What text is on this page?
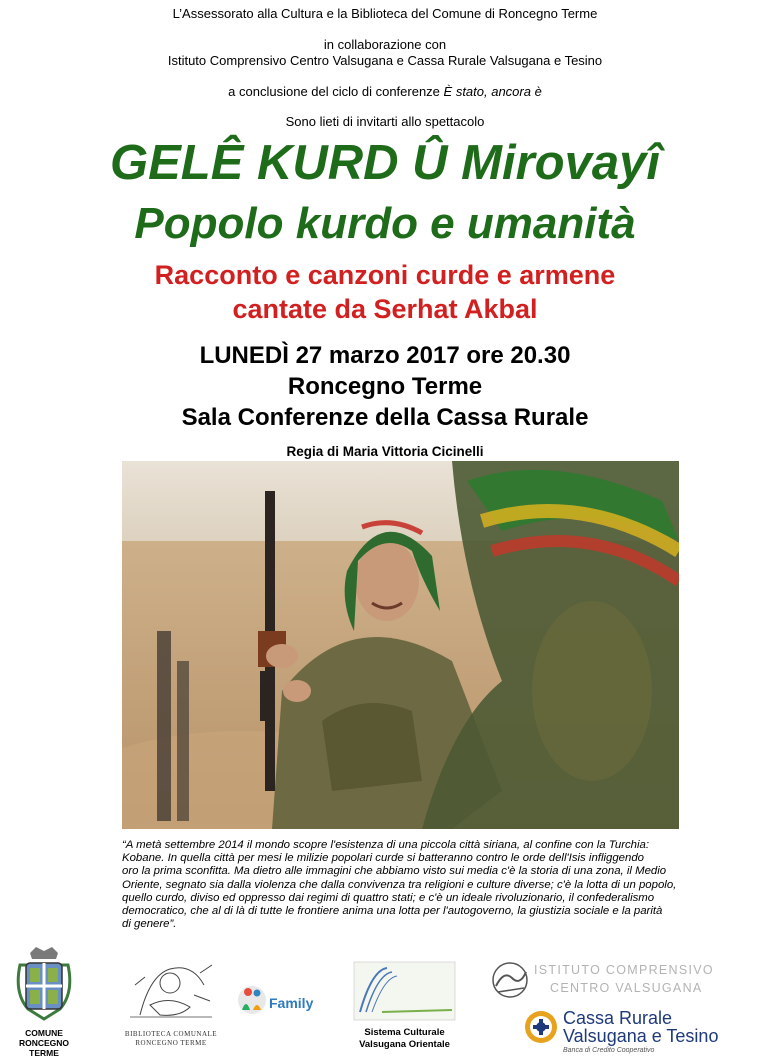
L’Assessorato alla Cultura e la Biblioteca del Comune di Roncegno Terme
in collaborazione con
Istituto Comprensivo Centro Valsugana e Cassa Rurale Valsugana e Tesino
a conclusione del ciclo di conferenze È stato, ancora è
Sono lieti di invitarti allo spettacolo
GELÊ KURD Û Mirovayî
Popolo kurdo e umanità
Racconto e canzoni curde e armene
cantate da Serhat Akbal
LUNEDÌ 27 marzo 2017 ore 20.30
Roncegno Terme
Sala Conferenze della Cassa Rurale
Regia di Maria Vittoria Cicinelli

“A metà settembre 2014 il mondo scopre l'esistenza di una piccola città siriana, al confine con la Turchia:

Kobane. In quella città per mesi le milizie popolari curde si batteranno contro le orde dell'Isis infliggendo

oro la prima sconfitta. Ma dietro alle immagini che abbiamo visto sui media c'è la storia di una zona, il Medio

Oriente, segnato sia dalla violenza che dalla convivenza tra religioni e culture diverse; c'è la lotta di un popolo,

quello curdo, diviso ed oppresso dai regimi di quattro stati; e c'è un ideale rivoluzionario, il confederalismo

democratico, che al di là di tutte le frontiere anima una lotta per l'autogoverno, la giustizia sociale e la parità

di genere”.

COMUNE
RONCEGNO TERME
BIBLIOTECA COMUNALE
RONCEGNO TERME
Family
Sistema Culturale
Valsugana Orientale
ISTITUTO COMPRENSIVO
CENTRO VALSUGANA
Cassa Rurale
Valsugana e Tesino
Banca di Credito Cooperativo
